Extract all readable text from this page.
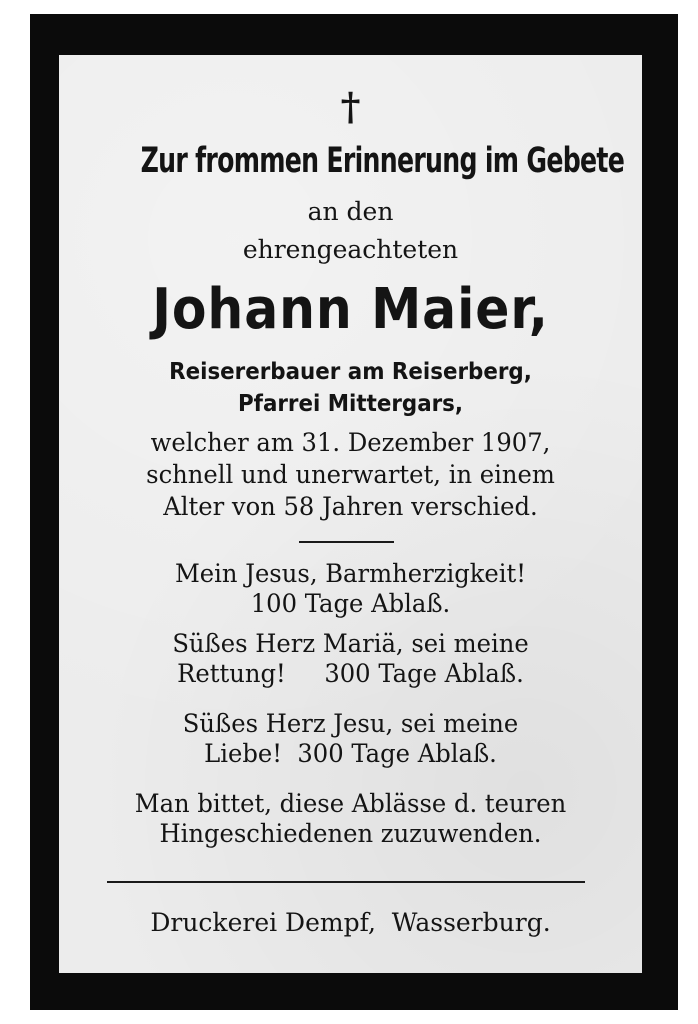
†
Zur frommen Erinnerung im Gebete
an den
ehrengeachteten
Johann Maier,
Reisererbauer am Reiserberg,
Pfarrei Mittergars,
welcher am 31. Dezember 1907,
schnell und unerwartet, in einem
Alter von 58 Jahren verschied.
Mein Jesus, Barmherzigkeit!
100 Tage Ablaß.
Süßes Herz Mariä, sei meine
Rettung!     300 Tage Ablaß.
Süßes Herz Jesu, sei meine
Liebe!  300 Tage Ablaß.
Man bittet, diese Ablässe d. teuren
Hingeschiedenen zuzuwenden.
Druckerei Dempf,  Wasserburg.
